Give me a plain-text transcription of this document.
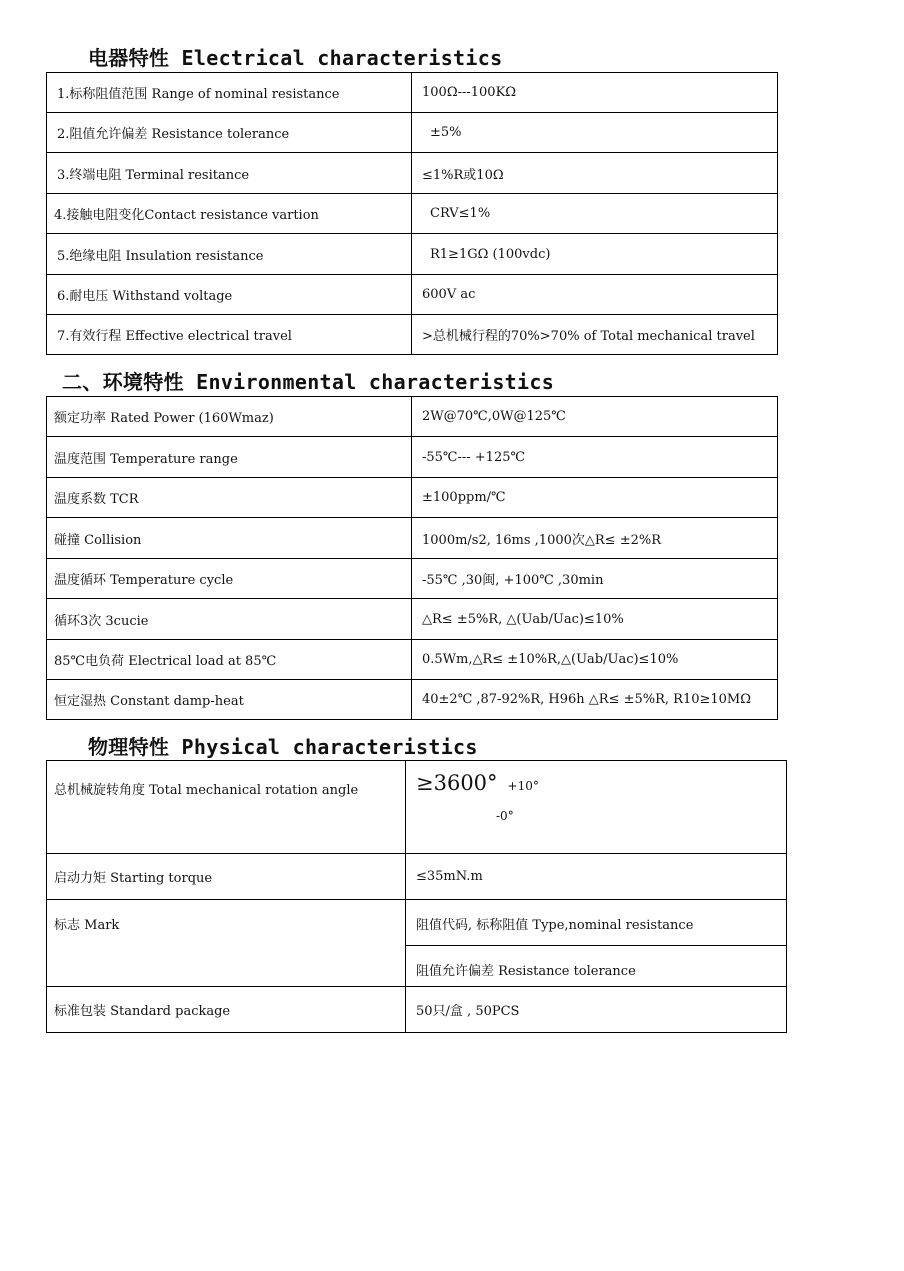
电器特性 Electrical characteristics
1.标称阻值范围 Range of nominal resistance	100Ω---100KΩ
2.阻值允许偏差 Resistance tolerance	±5%
3.终端电阻 Terminal resitance	≤1%R或10Ω
4.接触电阻变化Contact resistance vartion	CRV≤1%
5.绝缘电阻 Insulation resistance	R1≥1GΩ (100vdc)
6.耐电压 Withstand voltage	600V ac
7.有效行程 Effective electrical travel	>总机械行程的70%>70% of Total mechanical travel
二、环境特性 Environmental characteristics
额定功率 Rated Power (160Wmaz)	2W@70℃,0W@125℃
温度范围 Temperature range	-55℃--- +125℃
温度系数 TCR	±100ppm/℃
碰撞 Collision	1000m/s2, 16ms ,1000次△R≤ ±2%R
温度循环 Temperature cycle	-55℃ ,30闽, +100℃ ,30min
循环3次 3cucie	△R≤ ±5%R, △(Uab/Uac)≤10%
85℃电负荷 Electrical load at 85℃	0.5Wm,△R≤ ±10%R,△(Uab/Uac)≤10%
恒定湿热 Constant damp-heat	40±2℃ ,87-92%R, H96h △R≤ ±5%R, R10≥10MΩ
物理特性 Physical characteristics
总机械旋转角度 Total mechanical rotation angle	≥3600° +10°
-0°

启动力矩 Starting torque	≤35mN.m
标志 Mark	阻值代码, 标称阻值 Type,nominal resistance
阻值允许偏差 Resistance tolerance

标准包装 Standard package	50只/盒 , 50PCS
